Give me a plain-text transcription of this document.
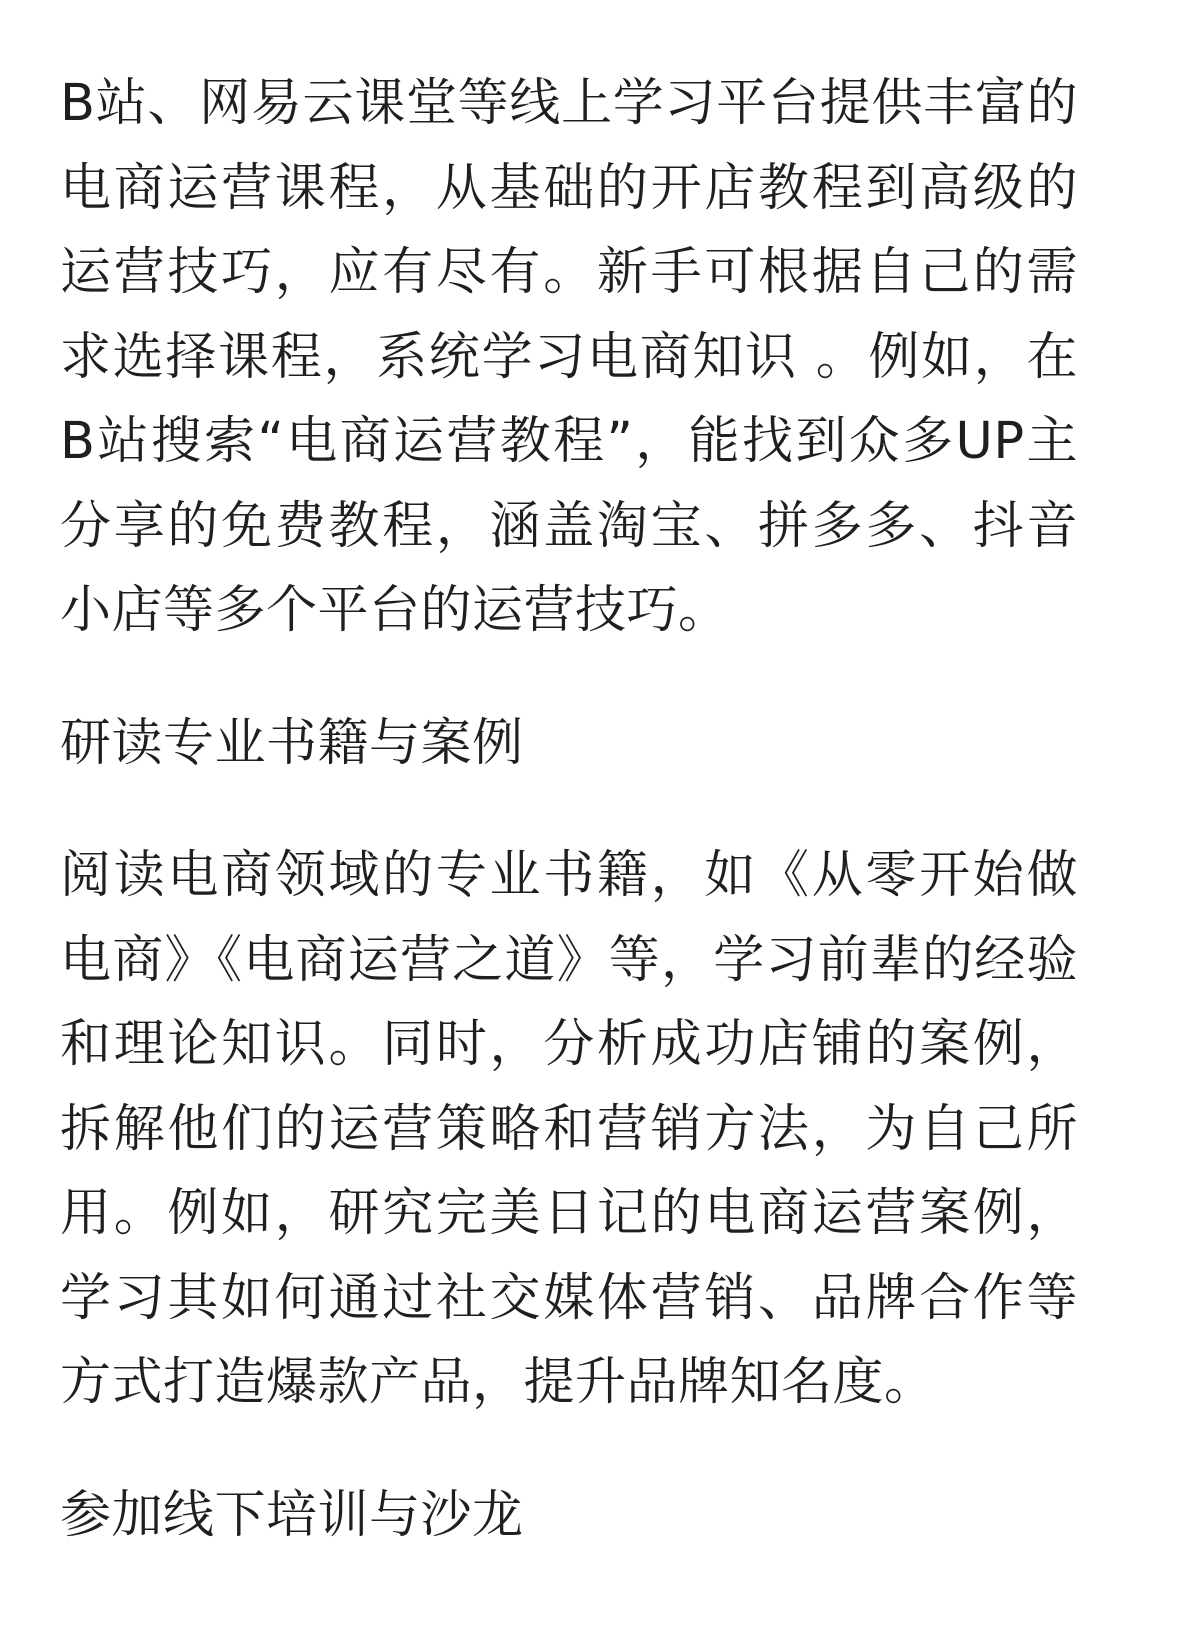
B站、网易云课堂等线上学习平台提供丰富的电商运营课程，从基础的开店教程到高级的运营技巧，应有尽有。新手可根据自己的需求选择课程，系统学习电商知识 。例如，在B站搜索“电商运营教程”，能找到众多UP主分享的免费教程，涵盖淘宝、拼多多、抖音小店等多个平台的运营技巧。

研读专业书籍与案例

阅读电商领域的专业书籍，如《从零开始做电商》《电商运营之道》等，学习前辈的经验和理论知识。同时，分析成功店铺的案例，拆解他们的运营策略和营销方法，为自己所用。例如，研究完美日记的电商运营案例，学习其如何通过社交媒体营销、品牌合作等方式打造爆款产品，提升品牌知名度。

参加线下培训与沙龙
